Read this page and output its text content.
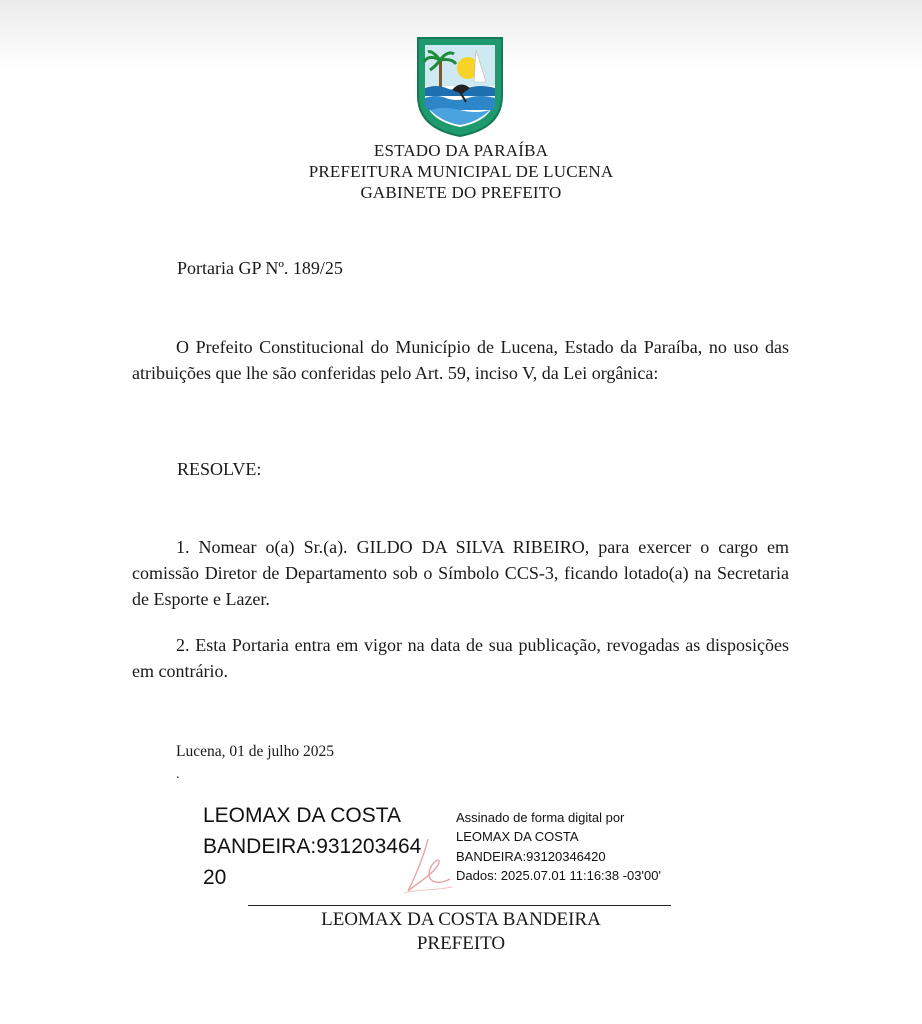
ESTADO DA PARAÍBA
PREFEITURA MUNICIPAL DE LUCENA
GABINETE DO PREFEITO
Portaria GP Nº. 189/25

O Prefeito Constitucional do Município de Lucena, Estado da Paraíba, no uso das atribuições que lhe são conferidas pelo Art. 59, inciso V, da Lei orgânica:

RESOLVE:

1. Nomear o(a) Sr.(a). GILDO DA SILVA RIBEIRO, para exercer o cargo em comissão Diretor de Departamento sob o Símbolo CCS-3, ficando lotado(a) na Secretaria de Esporte e Lazer.

2. Esta Portaria entra em vigor na data de sua publicação, revogadas as disposições em contrário.

Lucena, 01 de julho 2025
.
LEOMAX DA COSTA
BANDEIRA:931203464
20
Assinado de forma digital por
LEOMAX DA COSTA
BANDEIRA:93120346420
Dados: 2025.07.01 11:16:38 -03'00'
LEOMAX DA COSTA BANDEIRA
PREFEITO
